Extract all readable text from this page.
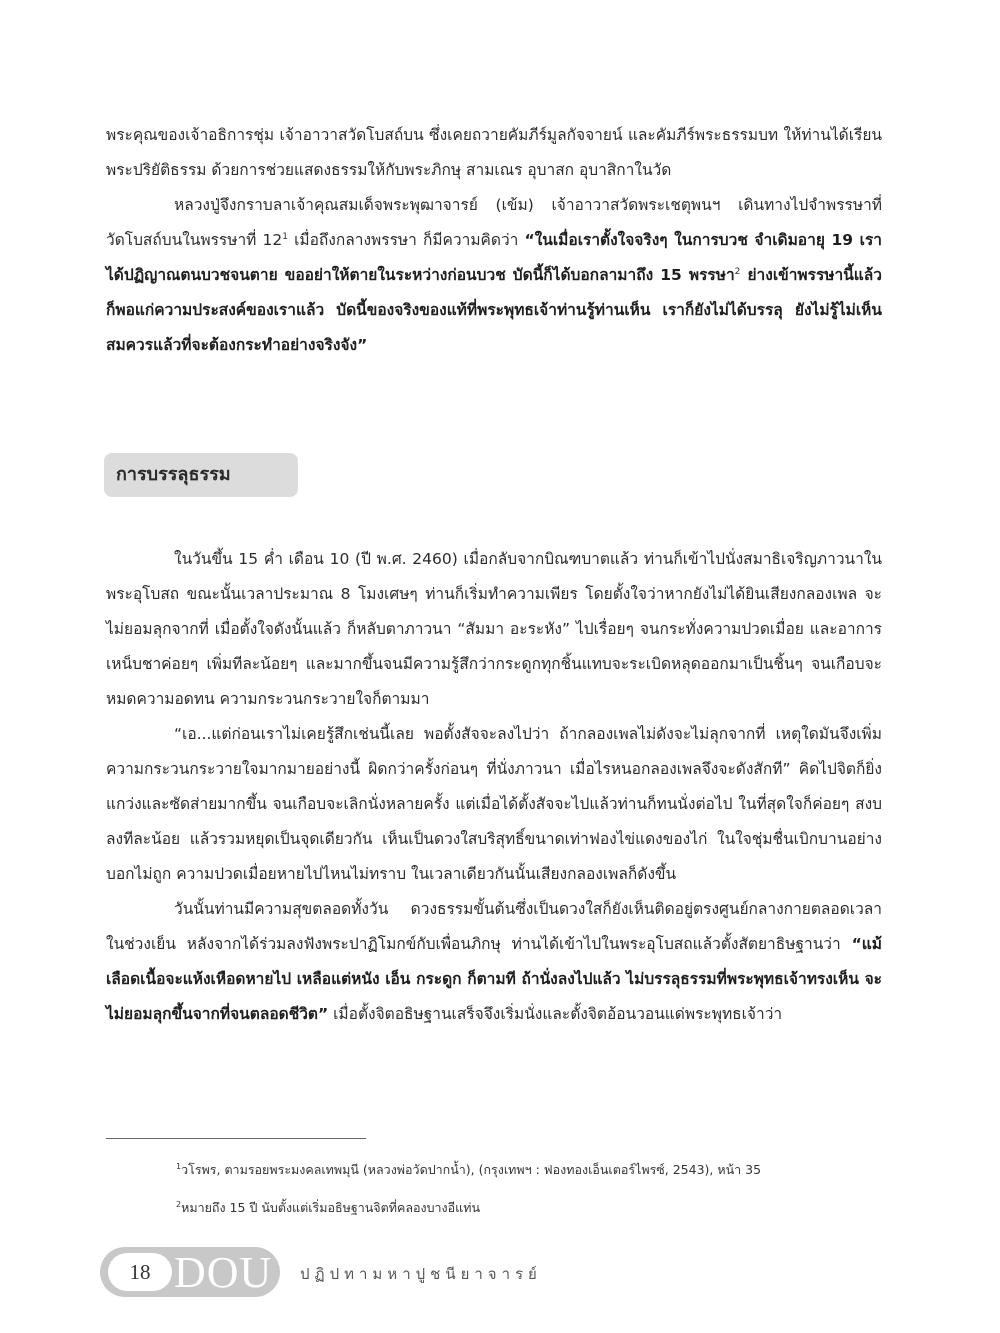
พระคุณของเจ้าอธิการชุ่ม เจ้าอาวาสวัดโบสถ์บน ซึ่งเคยถวายคัมภีร์มูลกัจจายน์ และคัมภีร์พระธรรมบท ให้ท่านได้เรียนพระปริยัติธรรม ด้วยการช่วยแสดงธรรมให้กับพระภิกษุ สามเณร อุบาสก อุบาสิกาในวัด

หลวงปู่จึงกราบลาเจ้าคุณสมเด็จพระพุฒาจารย์ (เข้ม) เจ้าอาวาสวัดพระเชตุพนฯ เดินทางไปจำพรรษาที่วัดโบสถ์บนในพรรษาที่ $12^1$ เมื่อถึงกลางพรรษา ก็มีความคิดว่า “ในเมื่อเราตั้งใจจริงๆ ในการบวช จำเดิมอายุ 19 เราได้ปฏิญาณตนบวชจนตาย ขออย่าให้ตายในระหว่างก่อนบวช บัดนี้ก็ได้บอกลามาถึง 15 พรรษา$^2$ ย่างเข้าพรรษานี้แล้ว ก็พอแก่ความประสงค์ของเราแล้ว บัดนี้ของจริงของแท้ที่พระพุทธเจ้าท่านรู้ท่านเห็น เราก็ยังไม่ได้บรรลุ ยังไม่รู้ไม่เห็น สมควรแล้วที่จะต้องกระทำอย่างจริงจัง”

การบรรลุธรรม

ในวันขึ้น 15 ค่ำ เดือน 10 (ปี พ.ศ. 2460) เมื่อกลับจากบิณฑบาตแล้ว ท่านก็เข้าไปนั่งสมาธิเจริญภาวนาในพระอุโบสถ ขณะนั้นเวลาประมาณ 8 โมงเศษๆ ท่านก็เริ่มทำความเพียร โดยตั้งใจว่าหากยังไม่ได้ยินเสียงกลองเพล จะไม่ยอมลุกจากที่ เมื่อตั้งใจดังนั้นแล้ว ก็หลับตาภาวนา “สัมมา อะระหัง” ไปเรื่อยๆ จนกระทั่งความปวดเมื่อย และอาการเหน็บชาค่อยๆ เพิ่มทีละน้อยๆ และมากขึ้นจนมีความรู้สึกว่ากระดูกทุกชิ้นแทบจะระเบิดหลุดออกมาเป็นชิ้นๆ จนเกือบจะหมดความอดทน ความกระวนกระวายใจก็ตามมา

“เอ...แต่ก่อนเราไม่เคยรู้สึกเช่นนี้เลย พอตั้งสัจจะลงไปว่า ถ้ากลองเพลไม่ดังจะไม่ลุกจากที่ เหตุใดมันจึงเพิ่มความกระวนกระวายใจมากมายอย่างนี้ ผิดกว่าครั้งก่อนๆ ที่นั่งภาวนา เมื่อไรหนอกลองเพลจึงจะดังสักที” คิดไปจิตก็ยิ่งแกว่งและซัดส่ายมากขึ้น จนเกือบจะเลิกนั่งหลายครั้ง แต่เมื่อได้ตั้งสัจจะไปแล้วท่านก็ทนนั่งต่อไป ในที่สุดใจก็ค่อยๆ สงบลงทีละน้อย แล้วรวมหยุดเป็นจุดเดียวกัน เห็นเป็นดวงใสบริสุทธิ์ขนาดเท่าฟองไข่แดงของไก่ ในใจชุ่มชื่นเบิกบานอย่างบอกไม่ถูก ความปวดเมื่อยหายไปไหนไม่ทราบ ในเวลาเดียวกันนั้นเสียงกลองเพลก็ดังขึ้น

วันนั้นท่านมีความสุขตลอดทั้งวัน ดวงธรรมขั้นต้นซึ่งเป็นดวงใสก็ยังเห็นติดอยู่ตรงศูนย์กลางกายตลอดเวลา ในช่วงเย็น หลังจากได้ร่วมลงฟังพระปาฏิโมกข์กับเพื่อนภิกษุ ท่านได้เข้าไปในพระอุโบสถแล้วตั้งสัตยาธิษฐานว่า “แม้เลือดเนื้อจะแห้งเหือดหายไป เหลือแต่หนัง เอ็น กระดูก ก็ตามที ถ้านั่งลงไปแล้ว ไม่บรรลุธรรมที่พระพุทธเจ้าทรงเห็น จะไม่ยอมลุกขึ้นจากที่จนตลอดชีวิต” เมื่อตั้งจิตอธิษฐานเสร็จจึงเริ่มนั่งและตั้งจิตอ้อนวอนแด่พระพุทธเจ้าว่า

$^1$วโรพร, ตามรอยพระมงคลเทพมุนี (หลวงพ่อวัดปากน้ำ), (กรุงเทพฯ : ฟองทองเอ็นเตอร์ไพรซ์, 2543), หน้า 35
$^2$หมายถึง 15 ปี นับตั้งแต่เริ่มอธิษฐานจิตที่คลองบางอีแท่น
18 DOU ปฏิปทามหาปูชนียาจารย์
